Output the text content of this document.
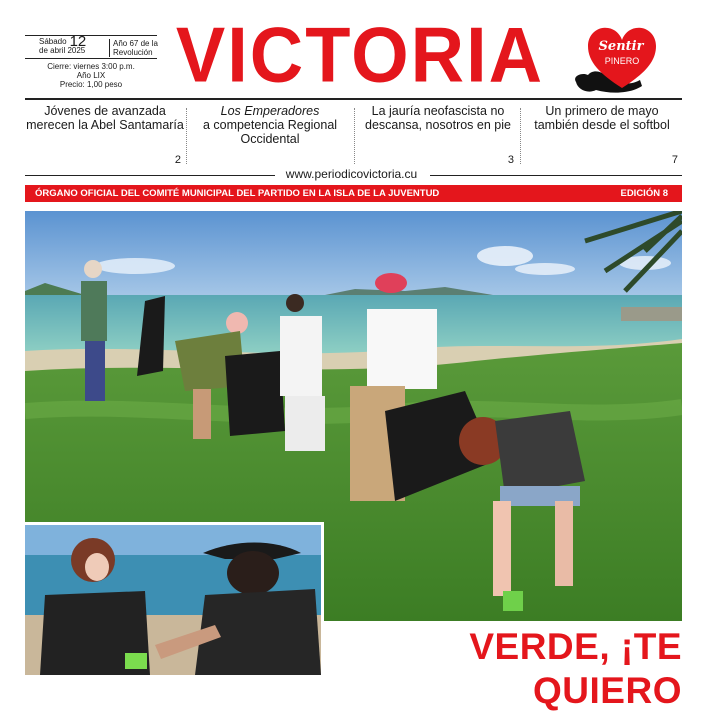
Sábado 12
de abril 2025
Año 67 de la Revolución
Cierre: viernes 3:00 p.m.
Año LIX
Precio: 1,00 peso VICTORIA	Sentir
PINERO
Jóvenes de avanzada merecen la Abel Santamaría
2
Los Emperadores
a competencia Regional Occidental
La jauría neofascista no descansa, nosotros en pie
3
Un primero de mayo también desde el softbol
7
www.periodicovictoria.cu
ÓRGANO OFICIAL DEL COMITÉ MUNICIPAL DEL PARTIDO EN LA ISLA DE LA JUVENTUD	EDICIÓN 8
VERDE, ¡TE QUIERO
